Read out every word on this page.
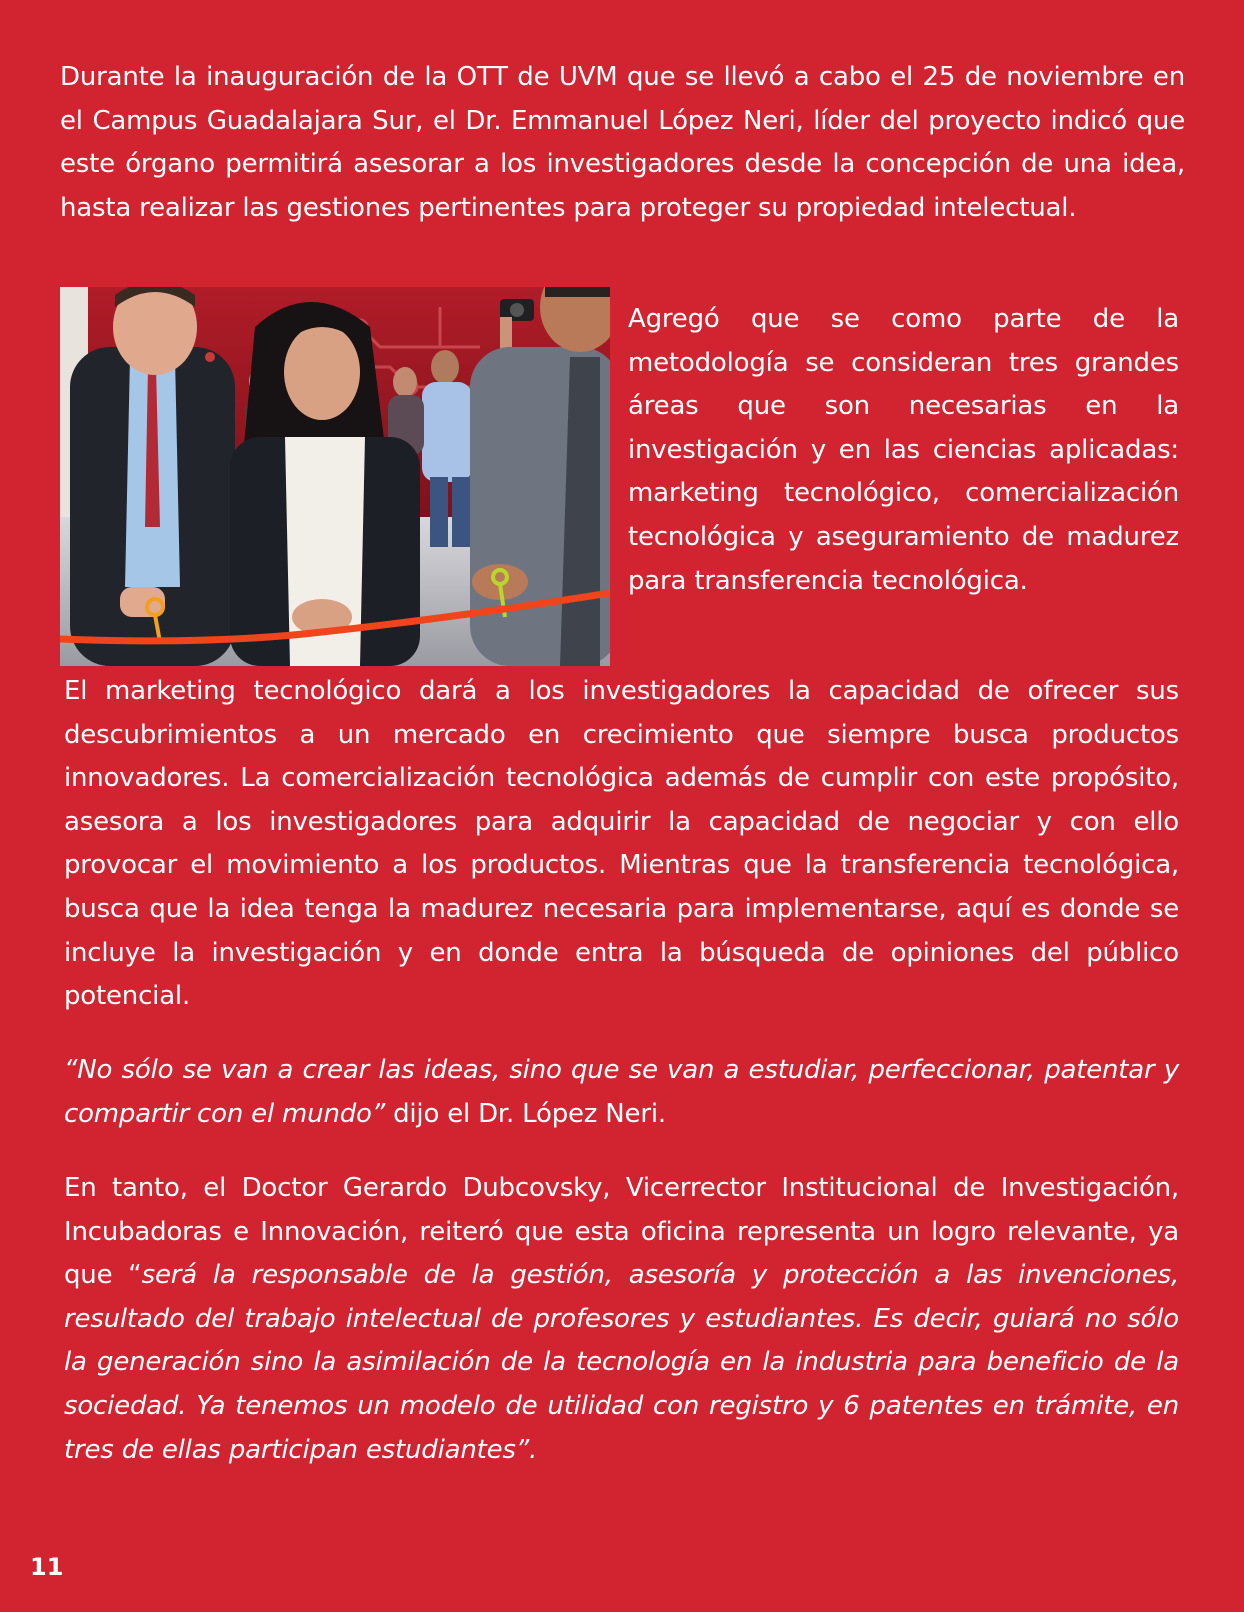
Durante la inauguración de la OTT de UVM que se llevó a cabo el 25 de noviembre en el Campus Guadalajara Sur, el Dr. Emmanuel López Neri, líder del proyecto indicó que este órgano permitirá asesorar a los investigadores desde la concepción de una idea, hasta realizar las gestiones pertinentes para proteger su propiedad intelectual.

Agregó que se como parte de la metodología se consideran tres grandes áreas que son necesarias en la investigación y en las ciencias aplicadas: marketing tecnológico, comercialización tecnológica y aseguramiento de madurez para transferencia tecnológica.

El marketing tecnológico dará a los investigadores la capacidad de ofrecer sus descubrimientos a un mercado en crecimiento que siempre busca productos innovadores. La comercialización tecnológica además de cumplir con este propósito, asesora a los investigadores para adquirir la capacidad de negociar y con ello provocar el movimiento a los productos. Mientras que la transferencia tecnológica, busca que la idea tenga la madurez necesaria para implementarse, aquí es donde se incluye la investigación y en donde entra la búsqueda de opiniones del público potencial.

“No sólo se van a crear las ideas, sino que se van a estudiar, perfeccionar, patentar y compartir con el mundo” dijo el Dr. López Neri.

En tanto, el Doctor Gerardo Dubcovsky, Vicerrector Institucional de Investigación, Incubadoras e Innovación, reiteró que esta oficina representa un logro relevante, ya que “será la responsable de la gestión, asesoría y protección a las invenciones, resultado del trabajo intelectual de profesores y estudiantes. Es decir, guiará no sólo la generación sino la asimilación de la tecnología en la industria para beneficio de la sociedad. Ya tenemos un modelo de utilidad con registro y 6 patentes en trámite, en tres de ellas participan estudiantes”.

11
